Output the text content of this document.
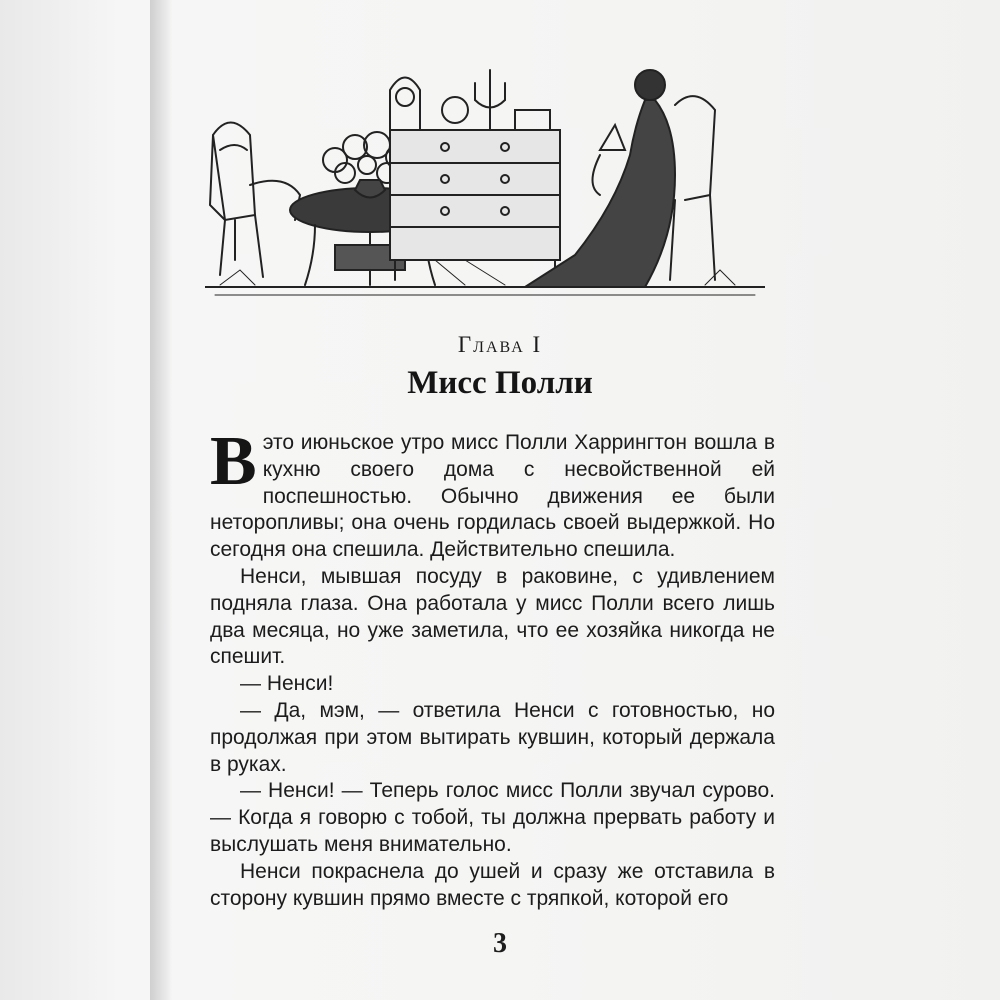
Глава I
Мисс Полли

Вэто июньское утро мисс Полли Харрингтон вошла в кухню своего дома с несвойственной ей поспешностью. Обычно движения ее были неторопливы; она очень гордилась своей выдержкой. Но сегодня она спешила. Действительно спешила.

Ненси, мывшая посуду в раковине, с удивлением подняла глаза. Она работала у мисс Полли всего лишь два месяца, но уже заметила, что ее хозяйка никогда не спешит.

— Ненси!

— Да, мэм, — ответила Ненси с готовностью, но продолжая при этом вытирать кувшин, который держала в руках.

— Ненси! — Теперь голос мисс Полли звучал сурово. — Когда я говорю с тобой, ты должна прервать работу и выслушать меня внимательно.

Ненси покраснела до ушей и сразу же отставила в сторону кувшин прямо вместе с тряпкой, которой его

3
